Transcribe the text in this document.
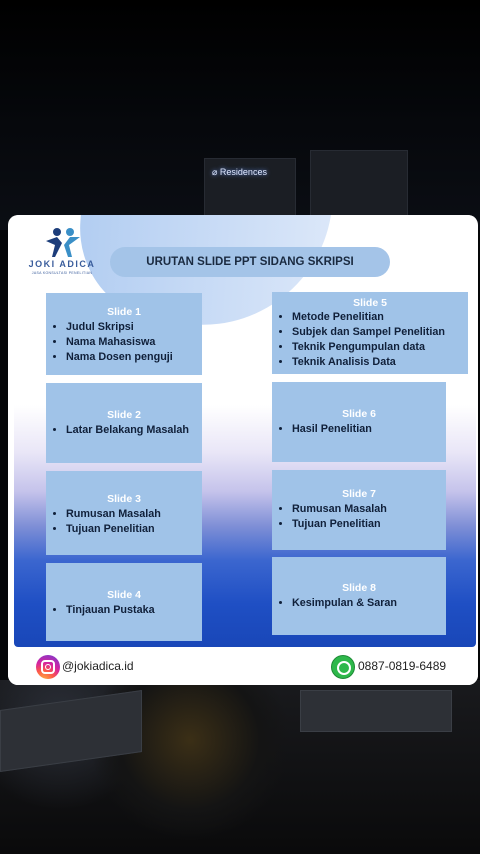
⌀ Residences
JOKI ADICA
JASA KONSULTASI PENELITIAN
URUTAN SLIDE PPT SIDANG SKRIPSI
Slide 1
• Judul Skripsi
• Nama Mahasiswa
• Nama Dosen penguji
Slide 2
• Latar Belakang Masalah
Slide 3
• Rumusan Masalah
• Tujuan Penelitian
Slide 4
• Tinjauan Pustaka
Slide 5
• Metode Penelitian
• Subjek dan Sampel Penelitian
• Teknik Pengumpulan data
• Teknik Analisis Data
Slide 6
• Hasil Penelitian
Slide 7
• Rumusan Masalah
• Tujuan Penelitian
Slide 8
• Kesimpulan & Saran
@jokiadica.id	0887-0819-6489
